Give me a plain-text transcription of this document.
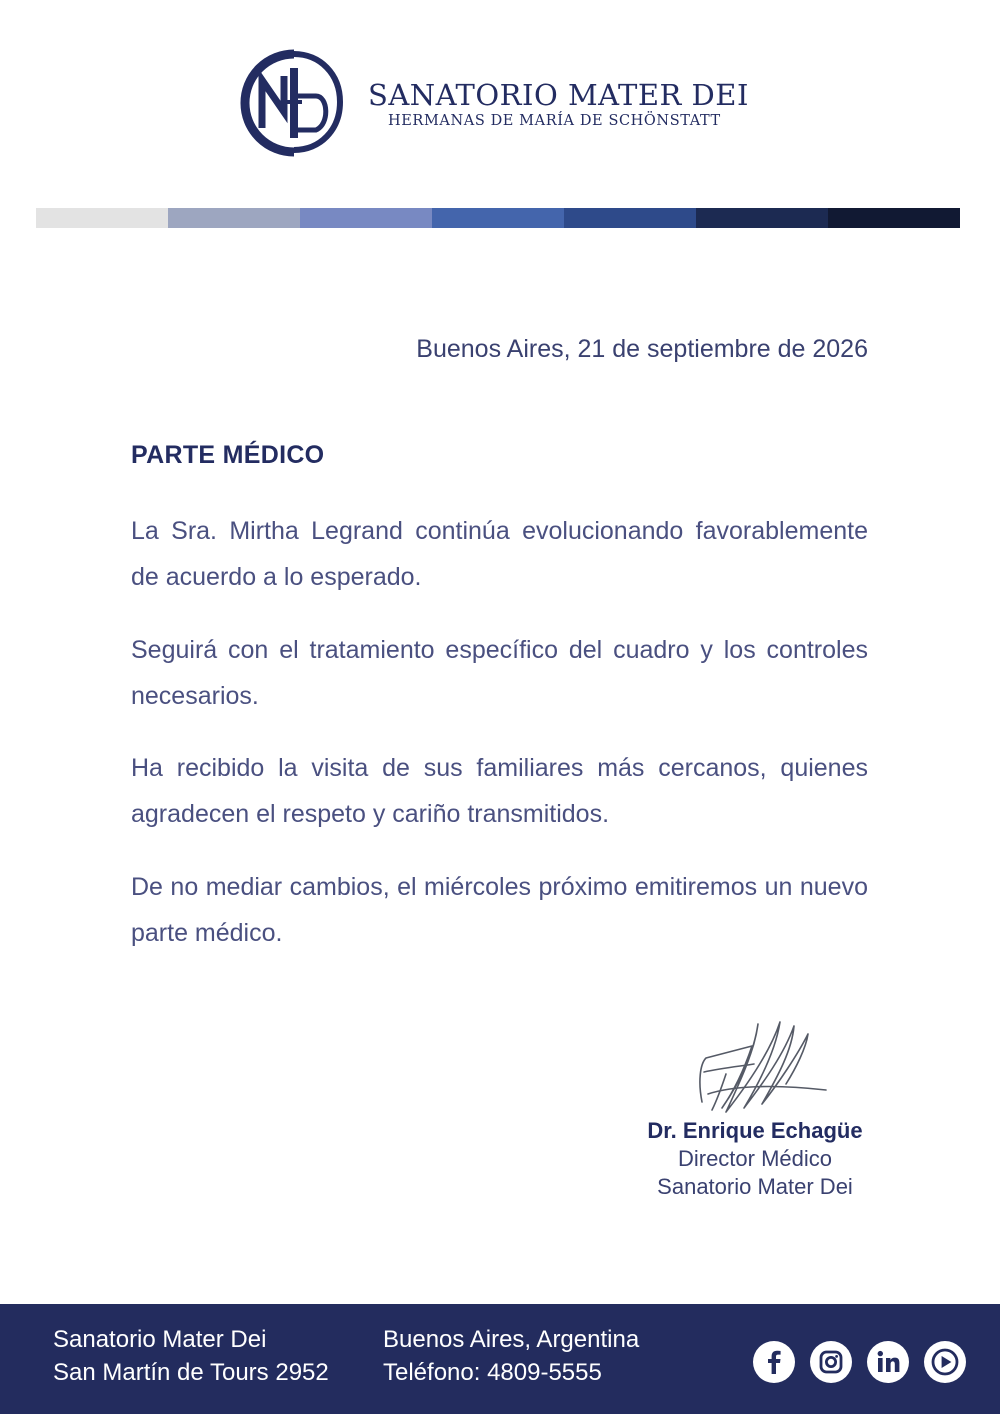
SANATORIO MATER DEI
HERMANAS DE MARÍA DE SCHÖNSTATT
Buenos Aires, 21 de septiembre de 2026
PARTE MÉDICO

La Sra. Mirtha Legrand continúa evolucionando favorablemente de acuerdo a lo esperado.

Seguirá con el tratamiento específico del cuadro y los controles necesarios.

Ha recibido la visita de sus familiares más cercanos, quienes agradecen el respeto y cariño transmitidos.

De no mediar cambios, el miércoles próximo emitiremos un nuevo parte médico.

Dr. Enrique Echagüe
Director Médico
Sanatorio Mater Dei
Sanatorio Mater Dei
San Martín de Tours 2952
Buenos Aires, Argentina
Teléfono: 4809-5555
